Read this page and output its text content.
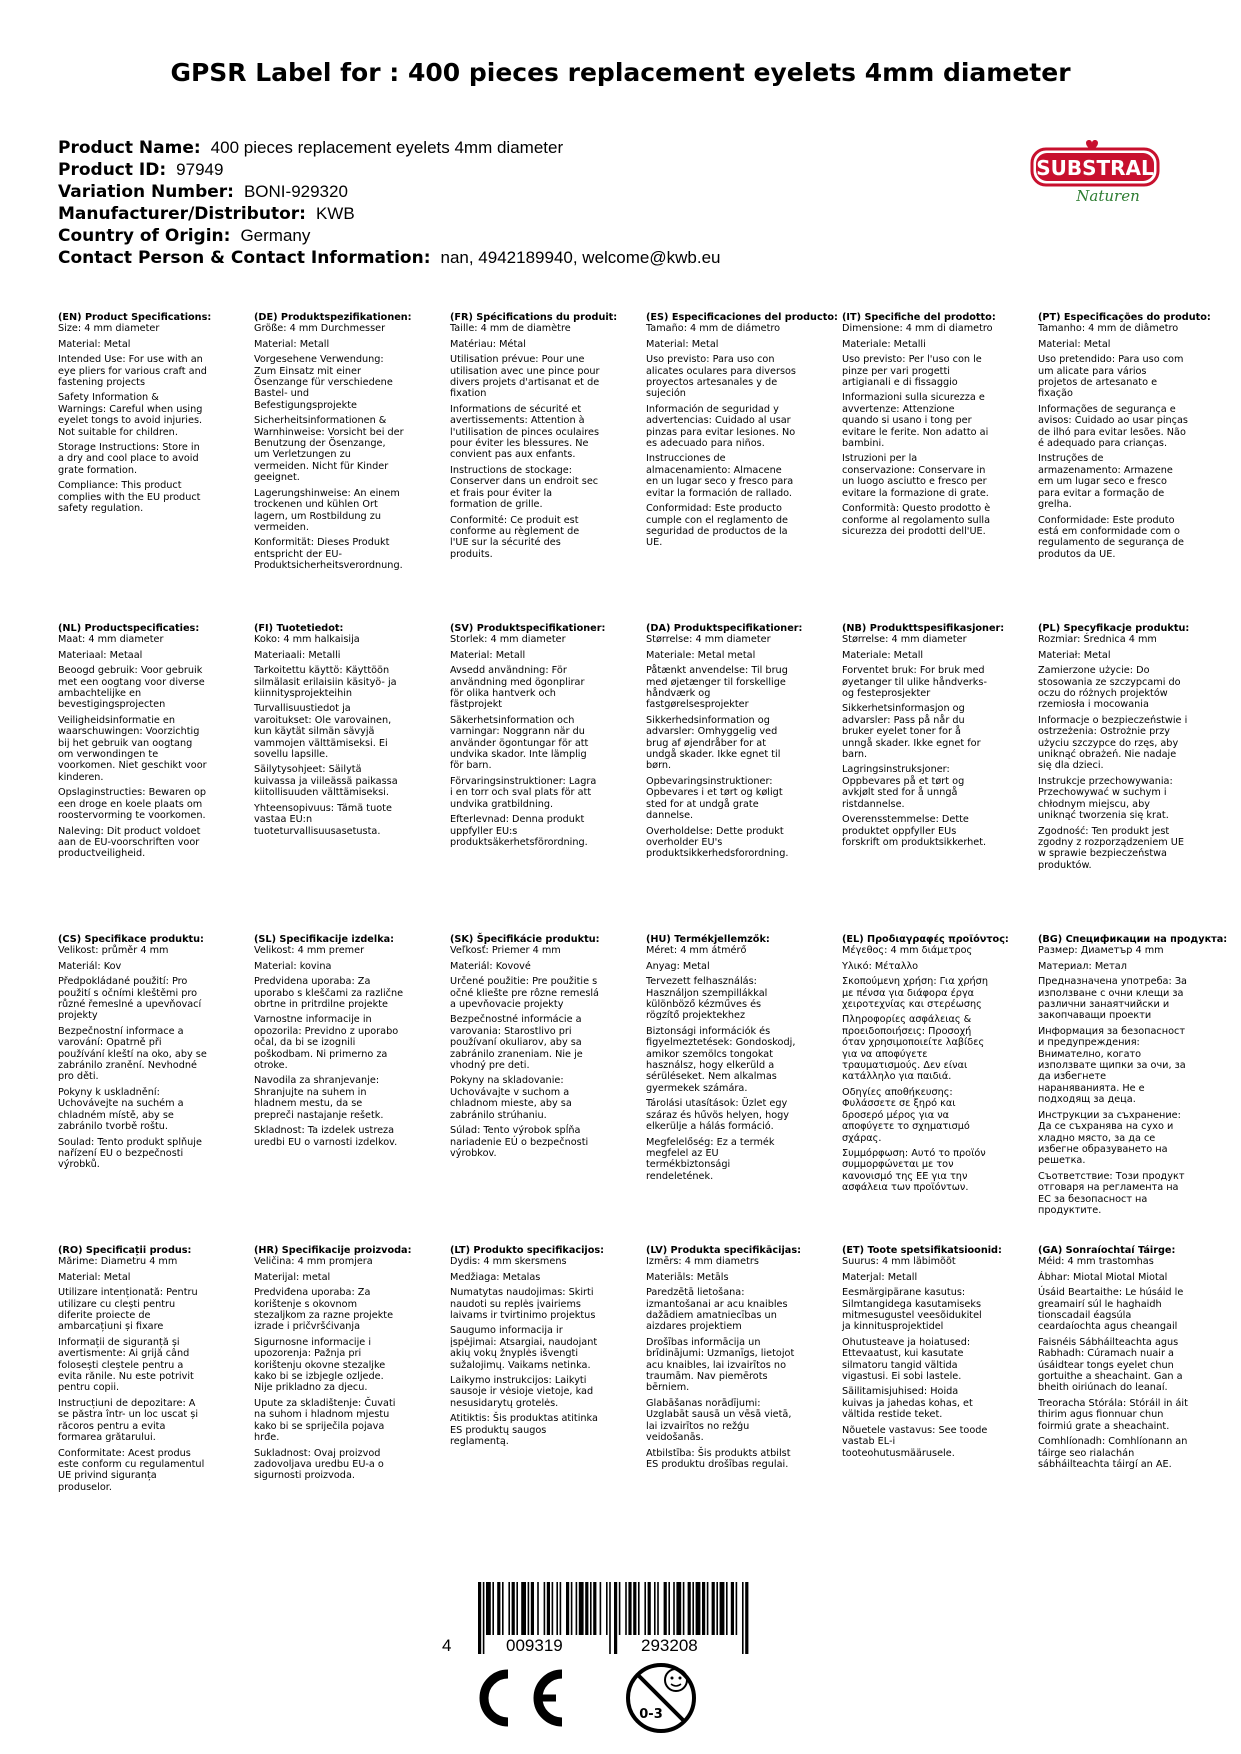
GPSR Label for : 400 pieces replacement eyelets 4mm diameter
Product Name: 400 pieces replacement eyelets 4mm diameter
Product ID: 97949
Variation Number: BONI-929320
Manufacturer/Distributor: KWB
Country of Origin: Germany
Contact Person & Contact Information: nan, 4942189940, welcome@kwb.eu
SUBSTRAL
Naturen
(EN) Product Specifications:
Size: 4 mm diameter
Material: Metal
Intended Use: For use with an eye pliers for various craft and fastening projects
Safety Information & Warnings: Careful when using eyelet tongs to avoid injuries. Not suitable for children.
Storage Instructions: Store in a dry and cool place to avoid grate formation.
Compliance: This product complies with the EU product safety regulation.
(DE) Produktspezifikationen:
Größe: 4 mm Durchmesser
Material: Metall
Vorgesehene Verwendung: Zum Einsatz mit einer Ösenzange für verschiedene Bastel- und Befestigungsprojekte
Sicherheitsinformationen & Warnhinweise: Vorsicht bei der Benutzung der Ösenzange, um Verletzungen zu vermeiden. Nicht für Kinder geeignet.
Lagerungshinweise: An einem trockenen und kühlen Ort lagern, um Rostbildung zu vermeiden.
Konformität: Dieses Produkt entspricht der EU-Produktsicherheitsverordnung.
(FR) Spécifications du produit:
Taille: 4 mm de diamètre
Matériau: Métal
Utilisation prévue: Pour une utilisation avec une pince pour divers projets d'artisanat et de fixation
Informations de sécurité et avertissements: Attention à l'utilisation de pinces oculaires pour éviter les blessures. Ne convient pas aux enfants.
Instructions de stockage: Conserver dans un endroit sec et frais pour éviter la formation de grille.
Conformité: Ce produit est conforme au règlement de l'UE sur la sécurité des produits.
(ES) Especificaciones del producto:
Tamaño: 4 mm de diámetro
Material: Metal
Uso previsto: Para uso con alicates oculares para diversos proyectos artesanales y de sujeción
Información de seguridad y advertencias: Cuidado al usar pinzas para evitar lesiones. No es adecuado para niños.
Instrucciones de almacenamiento: Almacene en un lugar seco y fresco para evitar la formación de rallado.
Conformidad: Este producto cumple con el reglamento de seguridad de productos de la UE.
(IT) Specifiche del prodotto:
Dimensione: 4 mm di diametro
Materiale: Metalli
Uso previsto: Per l'uso con le pinze per vari progetti artigianali e di fissaggio
Informazioni sulla sicurezza e avvertenze: Attenzione quando si usano i tong per evitare le ferite. Non adatto ai bambini.
Istruzioni per la conservazione: Conservare in un luogo asciutto e fresco per evitare la formazione di grate.
Conformità: Questo prodotto è conforme al regolamento sulla sicurezza dei prodotti dell'UE.
(PT) Especificações do produto:
Tamanho: 4 mm de diâmetro
Material: Metal
Uso pretendido: Para uso com um alicate para vários projetos de artesanato e fixação
Informações de segurança e avisos: Cuidado ao usar pinças de ilhó para evitar lesões. Não é adequado para crianças.
Instruções de armazenamento: Armazene em um lugar seco e fresco para evitar a formação de grelha.
Conformidade: Este produto está em conformidade com o regulamento de segurança de produtos da UE.
(NL) Productspecificaties:
Maat: 4 mm diameter
Materiaal: Metaal
Beoogd gebruik: Voor gebruik met een oogtang voor diverse ambachtelijke en bevestigingsprojecten
Veiligheidsinformatie en waarschuwingen: Voorzichtig bij het gebruik van oogtang om verwondingen te voorkomen. Niet geschikt voor kinderen.
Opslaginstructies: Bewaren op een droge en koele plaats om roostervorming te voorkomen.
Naleving: Dit product voldoet aan de EU-voorschriften voor productveiligheid.
(FI) Tuotetiedot:
Koko: 4 mm halkaisija
Materiaali: Metalli
Tarkoitettu käyttö: Käyttöön silmälasit erilaisiin käsityö- ja kiinnitysprojekteihin
Turvallisuustiedot ja varoitukset: Ole varovainen, kun käytät silmän sävyjä vammojen välttämiseksi. Ei sovellu lapsille.
Säilytysohjeet: Säilytä kuivassa ja viileässä paikassa kiitollisuuden välttämiseksi.
Yhteensopivuus: Tämä tuote vastaa EU:n tuoteturvallisuusasetusta.
(SV) Produktspecifikationer:
Storlek: 4 mm diameter
Material: Metall
Avsedd användning: För användning med ögonplirar för olika hantverk och fästprojekt
Säkerhetsinformation och varningar: Noggrann när du använder ögontungar för att undvika skador. Inte lämplig för barn.
Förvaringsinstruktioner: Lagra i en torr och sval plats för att undvika gratbildning.
Efterlevnad: Denna produkt uppfyller EU:s produktsäkerhetsförordning.
(DA) Produktspecifikationer:
Størrelse: 4 mm diameter
Materiale: Metal metal
Påtænkt anvendelse: Til brug med øjetænger til forskellige håndværk og fastgørelsesprojekter
Sikkerhedsinformation og advarsler: Omhyggelig ved brug af øjendråber for at undgå skader. Ikke egnet til børn.
Opbevaringsinstruktioner: Opbevares i et tørt og køligt sted for at undgå grate dannelse.
Overholdelse: Dette produkt overholder EU's produktsikkerhedsforordning.
(NB) Produkttspesifikasjoner:
Størrelse: 4 mm diameter
Materiale: Metall
Forventet bruk: For bruk med øyetanger til ulike håndverks- og festeprosjekter
Sikkerhetsinformasjon og advarsler: Pass på når du bruker eyelet toner for å unngå skader. Ikke egnet for barn.
Lagringsinstruksjoner: Oppbevares på et tørt og avkjølt sted for å unngå ristdannelse.
Overensstemmelse: Dette produktet oppfyller EUs forskrift om produktsikkerhet.
(PL) Specyfikacje produktu:
Rozmiar: Średnica 4 mm
Materiał: Metal
Zamierzone użycie: Do stosowania ze szczypcami do oczu do różnych projektów rzemiosła i mocowania
Informacje o bezpieczeństwie i ostrzeżenia: Ostrożnie przy użyciu szczypce do rzęs, aby uniknąć obrażeń. Nie nadaje się dla dzieci.
Instrukcje przechowywania: Przechowywać w suchym i chłodnym miejscu, aby uniknąć tworzenia się krat.
Zgodność: Ten produkt jest zgodny z rozporządzeniem UE w sprawie bezpieczeństwa produktów.
(CS) Specifikace produktu:
Velikost: průměr 4 mm
Materiál: Kov
Předpokládané použití: Pro použití s očními kleštěmi pro různé řemeslné a upevňovací projekty
Bezpečnostní informace a varování: Opatrně při používání kleští na oko, aby se zabránilo zranění. Nevhodné pro děti.
Pokyny k uskladnění: Uchovávejte na suchém a chladném místě, aby se zabránilo tvorbě roštu.
Soulad: Tento produkt splňuje nařízení EU o bezpečnosti výrobků.
(SL) Specifikacije izdelka:
Velikost: 4 mm premer
Material: kovina
Predvidena uporaba: Za uporabo s kleščami za različne obrtne in pritrdilne projekte
Varnostne informacije in opozorila: Previdno z uporabo očal, da bi se izognili poškodbam. Ni primerno za otroke.
Navodila za shranjevanje: Shranjujte na suhem in hladnem mestu, da se prepreči nastajanje rešetk.
Skladnost: Ta izdelek ustreza uredbi EU o varnosti izdelkov.
(SK) Špecifikácie produktu:
Veľkosť: Priemer 4 mm
Materiál: Kovové
Určené použitie: Pre použitie s očné kliešte pre rôzne remeslá a upevňovacie projekty
Bezpečnostné informácie a varovania: Starostlivo pri používaní okuliarov, aby sa zabránilo zraneniam. Nie je vhodný pre deti.
Pokyny na skladovanie: Uchovávajte v suchom a chladnom mieste, aby sa zabránilo strúhaniu.
Súlad: Tento výrobok spĺňa nariadenie EÚ o bezpečnosti výrobkov.
(HU) Termékjellemzők:
Méret: 4 mm átmérő
Anyag: Metal
Tervezett felhasználás: Használjon szempillákkal különböző kézműves és rögzítő projektekhez
Biztonsági információk és figyelmeztetések: Gondoskodj, amikor szemölcs tongokat használsz, hogy elkerüld a sérüléseket. Nem alkalmas gyermekek számára.
Tárolási utasítások: Üzlet egy száraz és hűvös helyen, hogy elkerülje a hálás formáció.
Megfelelőség: Ez a termék megfelel az EU termékbiztonsági rendeletének.
(EL) Προδιαγραφές προϊόντος:
Μέγεθος: 4 mm διάμετρος
Υλικό: Μέταλλο
Σκοπούμενη χρήση: Για χρήση με πένσα για διάφορα έργα χειροτεχνίας και στερέωσης
Πληροφορίες ασφάλειας & προειδοποιήσεις: Προσοχή όταν χρησιμοποιείτε λαβίδες για να αποφύγετε τραυματισμούς. Δεν είναι κατάλληλο για παιδιά.
Οδηγίες αποθήκευσης: Φυλάσσετε σε ξηρό και δροσερό μέρος για να αποφύγετε το σχηματισμό σχάρας.
Συμμόρφωση: Αυτό το προϊόν συμμορφώνεται με τον κανονισμό της ΕΕ για την ασφάλεια των προϊόντων.
(BG) Спецификации на продукта:
Размер: Диаметър 4 mm
Материал: Метал
Предназначена употреба: За използване с очни клещи за различни занаятчийски и закопчаващи проекти
Информация за безопасност и предупреждения: Внимателно, когато използвате щипки за очи, за да избегнете нараняванията. Не е подходящ за деца.
Инструкции за съхранение: Да се съхранява на сухо и хладно място, за да се избегне образуването на решетка.
Съответствие: Този продукт отговаря на регламента на ЕС за безопасност на продуктите.
(RO) Specificații produs:
Mărime: Diametru 4 mm
Material: Metal
Utilizare intenționată: Pentru utilizare cu clești pentru diferite proiecte de ambarcațiuni și fixare
Informații de siguranță și avertismente: Ai grijă când folosești cleștele pentru a evita rănile. Nu este potrivit pentru copii.
Instrucțiuni de depozitare: A se păstra într- un loc uscat și răcoros pentru a evita formarea grătarului.
Conformitate: Acest produs este conform cu regulamentul UE privind siguranța produselor.
(HR) Specifikacije proizvoda:
Veličina: 4 mm promjera
Materijal: metal
Predviđena uporaba: Za korištenje s okovnom stezaljkom za razne projekte izrade i pričvršćivanja
Sigurnosne informacije i upozorenja: Pažnja pri korištenju okovne stezaljke kako bi se izbjegle ozljede. Nije prikladno za djecu.
Upute za skladištenje: Čuvati na suhom i hladnom mjestu kako bi se spriječila pojava hrđe.
Sukladnost: Ovaj proizvod zadovoljava uredbu EU-a o sigurnosti proizvoda.
(LT) Produkto specifikacijos:
Dydis: 4 mm skersmens
Medžiaga: Metalas
Numatytas naudojimas: Skirti naudoti su replės įvairiems laivams ir tvirtinimo projektus
Saugumo informacija ir įspėjimai: Atsargiai, naudojant akių vokų žnyplės išvengti sužalojimų. Vaikams netinka.
Laikymo instrukcijos: Laikyti sausoje ir vėsioje vietoje, kad nesusidarytų grotelės.
Atitiktis: Šis produktas atitinka ES produktų saugos reglamentą.
(LV) Produkta specifikācijas:
Izmērs: 4 mm diametrs
Materiāls: Metāls
Paredzētā lietošana: izmantošanai ar acu knaibles dažādiem amatniecības un aizdares projektiem
Drošības informācija un brīdinājumi: Uzmanīgs, lietojot acu knaibles, lai izvairītos no traumām. Nav piemērots bērniem.
Glabāšanas norādījumi: Uzglabāt sausā un vēsā vietā, lai izvairītos no režģu veidošanās.
Atbilstība: Šis produkts atbilst ES produktu drošības regulai.
(ET) Toote spetsifikatsioonid:
Suurus: 4 mm läbimõõt
Materjal: Metall
Eesmärgipärane kasutus: Silmtangidega kasutamiseks mitmesugustel veesõidukitel ja kinnitusprojektidel
Ohutusteave ja hoiatused: Ettevaatust, kui kasutate silmatoru tangid vältida vigastusi. Ei sobi lastele.
Säilitamisjuhised: Hoida kuivas ja jahedas kohas, et vältida restide teket.
Nõuetele vastavus: See toode vastab EL-i tooteohutusmäärusele.
(GA) Sonraíochtaí Táirge:
Méid: 4 mm trastomhas
Ábhar: Miotal Miotal Miotal
Úsáid Beartaithe: Le húsáid le greamairí súl le haghaidh tionscadail éagsúla ceardaíochta agus cheangail
Faisnéis Sábháilteachta agus Rabhadh: Cúramach nuair a úsáidtear tongs eyelet chun gortuithe a sheachaint. Gan a bheith oiriúnach do leanaí.
Treoracha Stórála: Stóráil in áit thirim agus fionnuar chun foirmiú grate a sheachaint.
Comhlíonadh: Comhlíonann an táirge seo rialachán sábháilteachta táirgí an AE.
4	009319	293208
0-3
